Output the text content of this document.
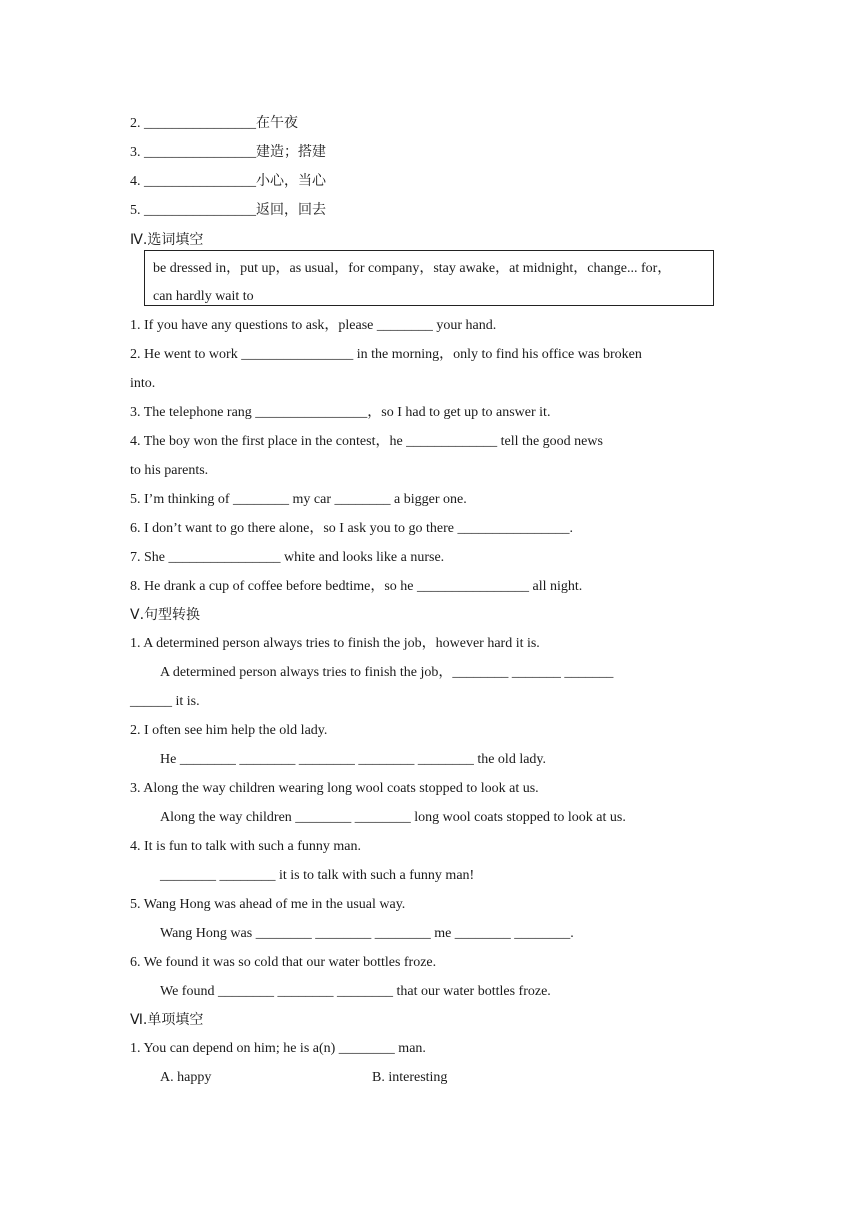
2. ________________在午夜
3. ________________建造；搭建
4. ________________小心，当心
5. ________________返回，回去
Ⅳ.选词填空
be dressed in，put up，as usual，for company，stay awake，at midnight，change... for，
can hardly wait to
1. If you have any questions to ask，please ________ your hand.
2. He went to work ________________ in the morning，only to find his office was broken
into.
3. The telephone rang ________________，so I had to get up to answer it.
4. The boy won the first place in the contest，he _____________ tell the good news
to his parents.
5. I’m thinking of ________ my car ________ a bigger one.
6. I don’t want to go there alone，so I ask you to go there ________________.
7. She ________________ white and looks like a nurse.
8. He drank a cup of coffee before bedtime，so he ________________ all night.
Ⅴ.句型转换
1. A determined person always tries to finish the job，however hard it is.
A determined person always tries to finish the job，________ _______ _______
______ it is.
2. I often see him help the old lady.
He ________ ________ ________ ________ ________ the old lady.
3. Along the way children wearing long wool coats stopped to look at us.
Along the way children ________ ________ long wool coats stopped to look at us.
4. It is fun to talk with such a funny man.
________ ________ it is to talk with such a funny man!
5. Wang Hong was ahead of me in the usual way.
Wang Hong was ________ ________ ________ me ________ ________.
6. We found it was so cold that our water bottles froze.
We found ________ ________ ________ that our water bottles froze.
Ⅵ.单项填空
1. You can depend on him; he is a(n) ________ man.
A. happy	B. interesting
